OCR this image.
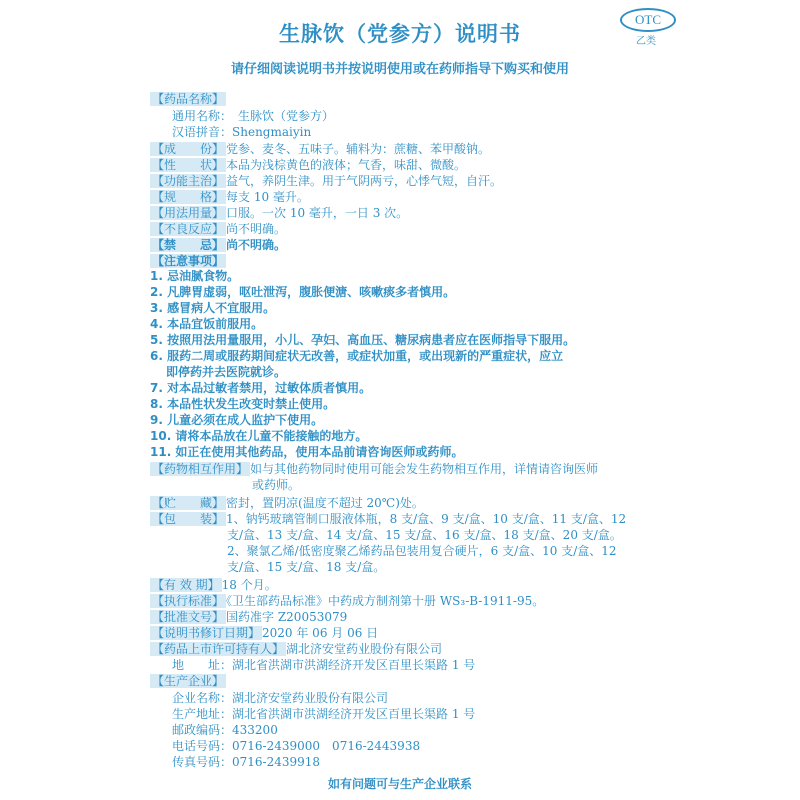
生脉饮（党参方）说明书
OTC
乙类
请仔细阅读说明书并按说明使用或在药师指导下购买和使用
【药品名称】
通用名称： 生脉饮（党参方）
汉语拼音：Shengmaiyin
【成　　份】 党参、麦冬、五味子。辅料为：蔗糖、苯甲酸钠。
【性　　状】 本品为浅棕黄色的液体；气香，味甜、微酸。
【功能主治】 益气，养阴生津。用于气阴两亏，心悸气短，自汗。
【规　　格】 每支 10 毫升。
【用法用量】 口服。一次 10 毫升，一日 3 次。
【不良反应】 尚不明确。
【禁　　忌】 尚不明确。
【注意事项】
1. 忌油腻食物。
2. 凡脾胃虚弱，呕吐泄泻，腹胀便溏、咳嗽痰多者慎用。
3. 感冒病人不宜服用。
4. 本品宜饭前服用。
5. 按照用法用量服用，小儿、孕妇、高血压、糖尿病患者应在医师指导下服用。
6. 服药二周或服药期间症状无改善，或症状加重，或出现新的严重症状，应立
即停药并去医院就诊。
7. 对本品过敏者禁用，过敏体质者慎用。
8. 本品性状发生改变时禁止使用。
9. 儿童必须在成人监护下使用。
10. 请将本品放在儿童不能接触的地方。
11. 如正在使用其他药品，使用本品前请咨询医师或药师。
【药物相互作用】 如与其他药物同时使用可能会发生药物相互作用，详情请咨询医师
或药师。
【贮　　藏】 密封，置阴凉(温度不超过 20℃)处。
【包　　装】 1、钠钙玻璃管制口服液体瓶，8 支/盒、9 支/盒、10 支/盒、11 支/盒、12
支/盒、13 支/盒、14 支/盒、15 支/盒、16 支/盒、18 支/盒、20 支/盒。
2、聚氯乙烯/低密度聚乙烯药品包装用复合硬片，6 支/盒、10 支/盒、12
支/盒、15 支/盒、18 支/盒。
【有 效 期】 18 个月。
【执行标准】 《卫生部药品标准》中药成方制剂第十册 WS₃-B-1911-95。
【批准文号】 国药准字 Z20053079
【说明书修订日期】 2020 年 06 月 06 日
【药品上市许可持有人】 湖北济安堂药业股份有限公司
地　　址：湖北省洪湖市洪湖经济开发区百里长渠路 1 号
【生产企业】
如有问题可与生产企业联系
企业名称：湖北济安堂药业股份有限公司
生产地址：湖北省洪湖市洪湖经济开发区百里长渠路 1 号
邮政编码：433200
电话号码：0716-2439000　0716-2443938
传真号码：0716-2439918
